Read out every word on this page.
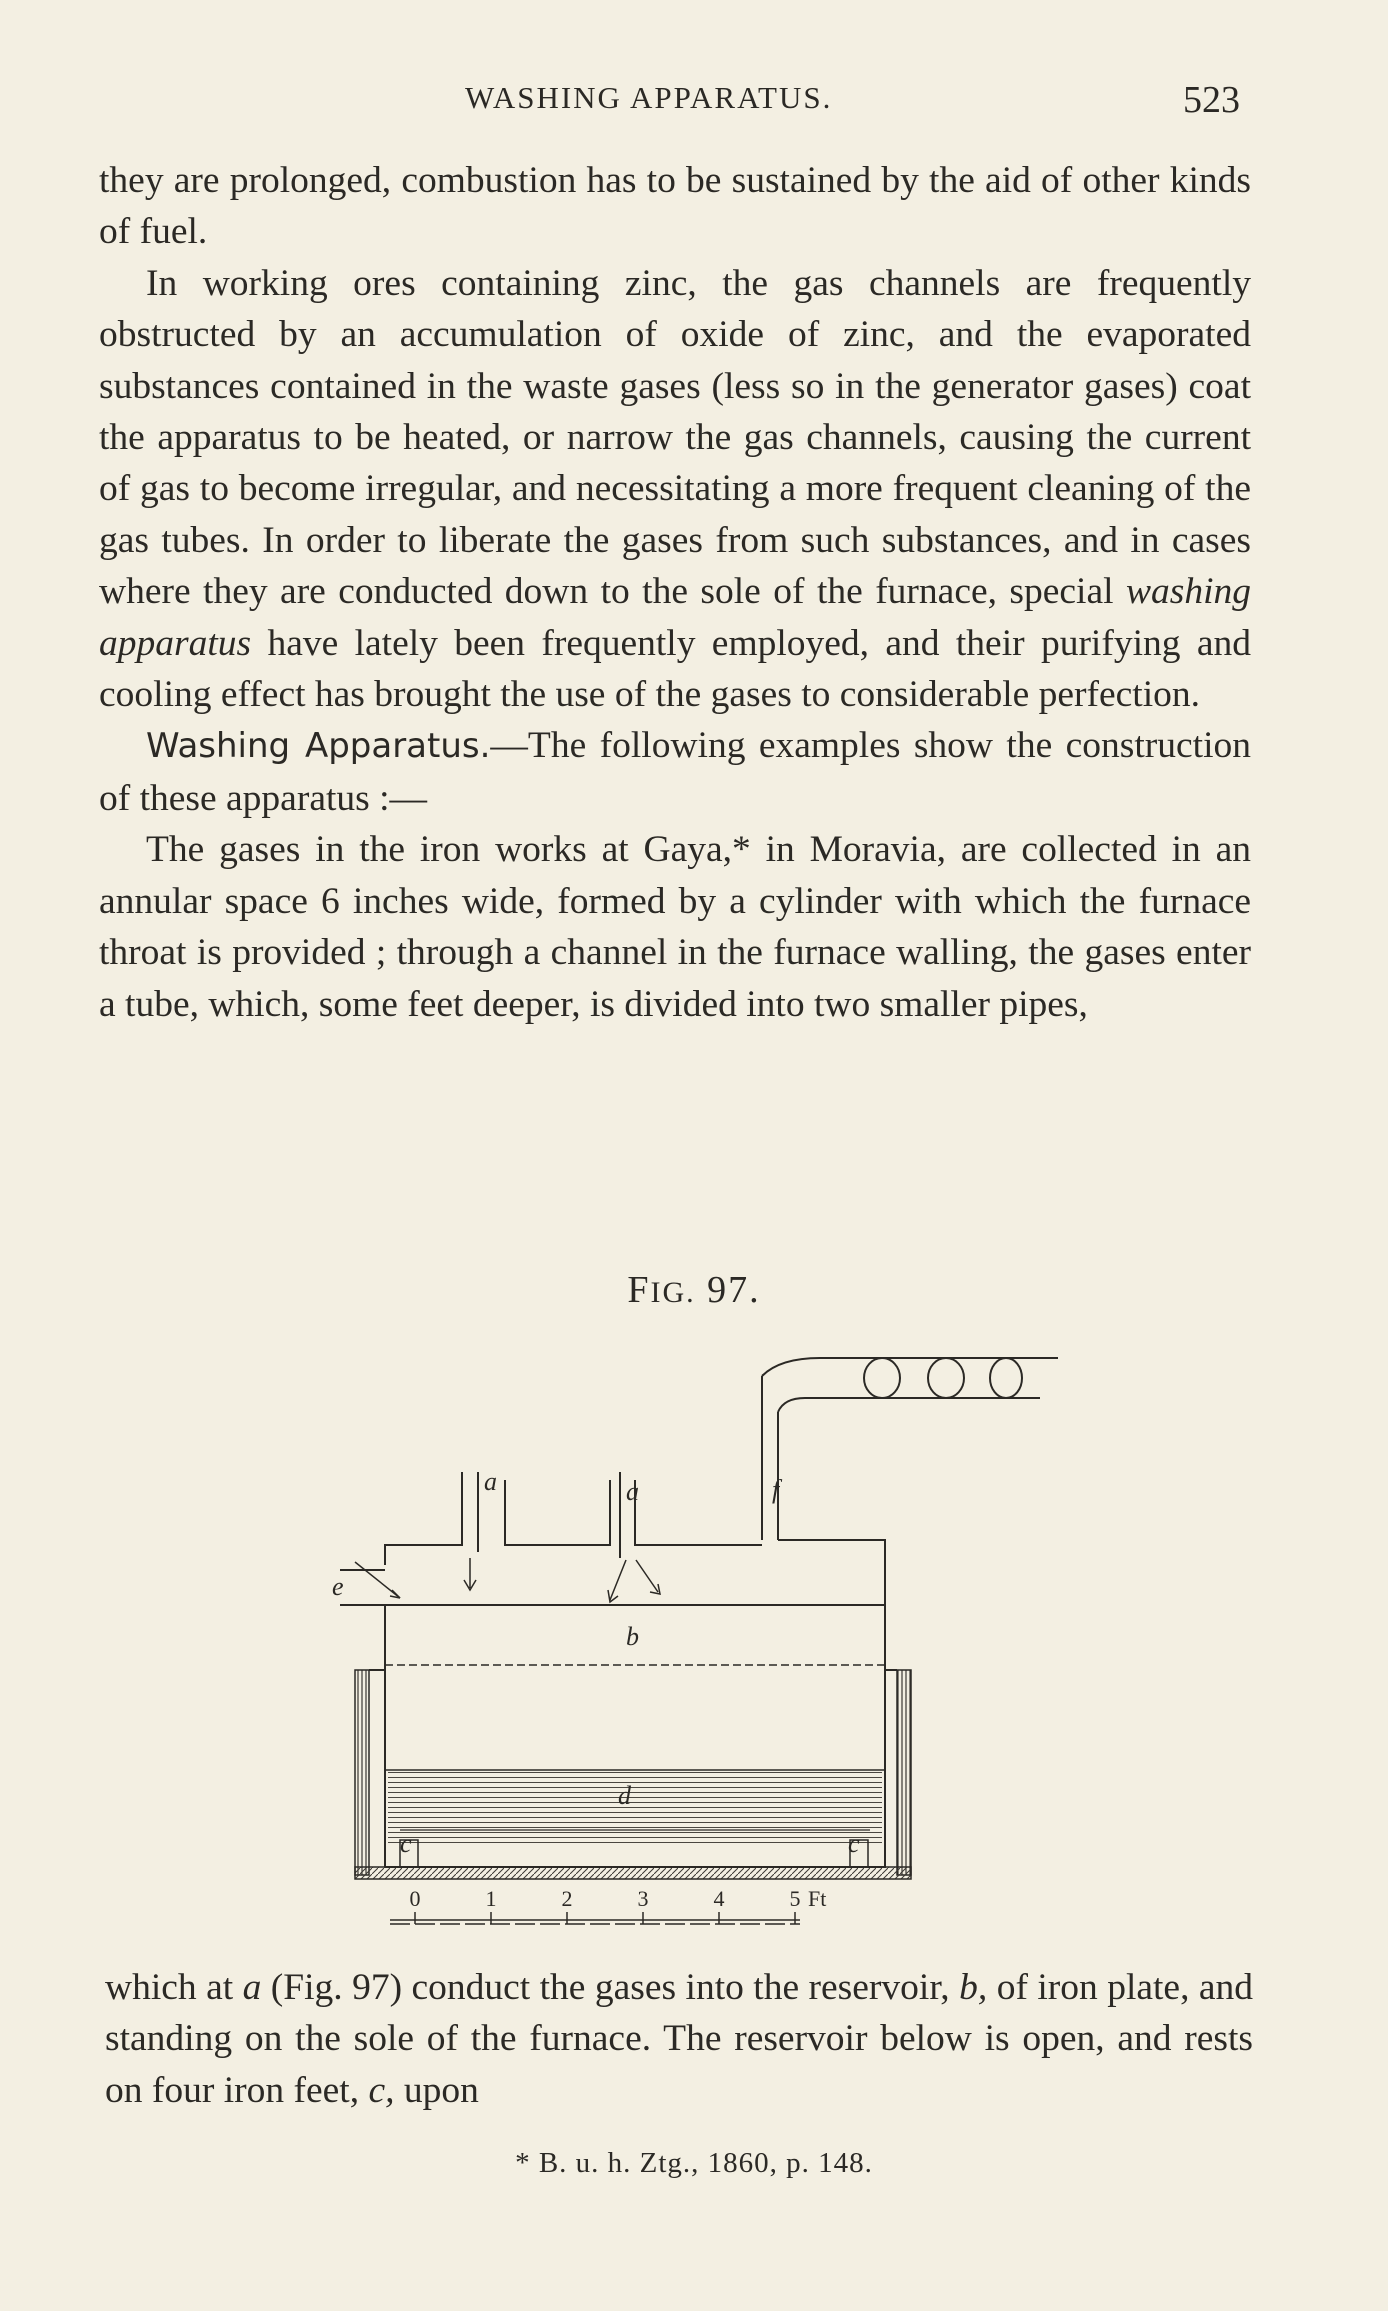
WASHING APPARATUS.	523

they are prolonged, combustion has to be sustained by the aid of other kinds of fuel.

In working ores containing zinc, the gas channels are frequently obstructed by an accumulation of oxide of zinc, and the evaporated substances contained in the waste gases (less so in the generator gases) coat the apparatus to be heated, or narrow the gas channels, causing the current of gas to become irregular, and necessitating a more frequent cleaning of the gas tubes. In order to liberate the gases from such substances, and in cases where they are conducted down to the sole of the furnace, special washing apparatus have lately been frequently employed, and their purifying and cooling effect has brought the use of the gases to considerable perfection.

Washing Apparatus.—The following examples show the construction of these apparatus :—

The gases in the iron works at Gaya,* in Moravia, are collected in an annular space 6 inches wide, formed by a cylinder with which the furnace throat is provided ; through a channel in the furnace walling, the gases enter a tube, which, some feet deeper, is divided into two smaller pipes,

FIG. 97.
a	a
b
d
e
f
c	c
0	1	2	3	4	5 Ft

which at a (Fig. 97) conduct the gases into the reservoir, b, of iron plate, and standing on the sole of the furnace. The reservoir below is open, and rests on four iron feet, c, upon

* B. u. h. Ztg., 1860, p. 148.
